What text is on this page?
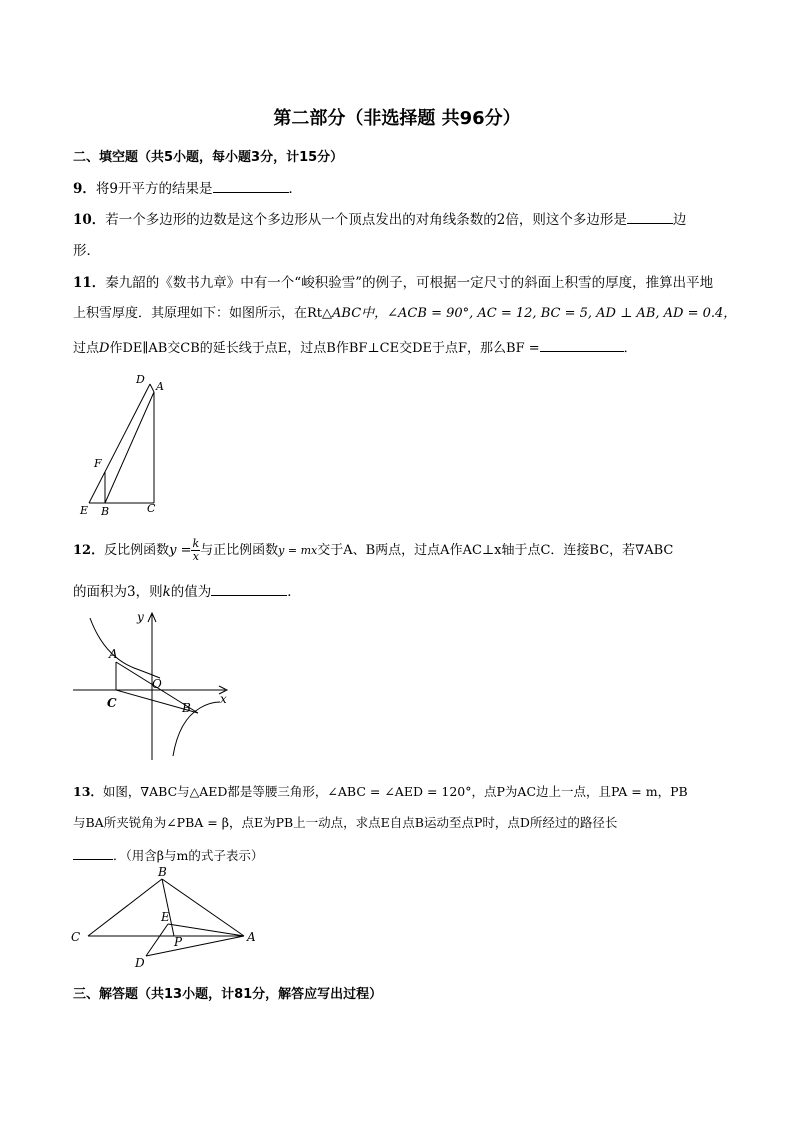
第二部分（非选择题 共96分）
二、填空题（共5小题，每小题3分，计15分）
9．将9开平方的结果是	．
10．若一个多边形的边数是这个多边形从一个顶点发出的对角线条数的2倍，则这个多边形是	边
形．
11．秦九韶的《数书九章》中有一个“峻积验雪”的例子，可根据一定尺寸的斜面上积雪的厚度，推算出平地
上积雪厚度．其原理如下：如图所示，在Rt△ABC中，∠ACB = 90°, AC = 12, BC = 5, AD ⊥ AB, AD = 0.4，
过点D作DE∥AB交CB的延长线于点E，过点B作BF⊥CE交DE于点F，那么BF =	．
D
A
F
E B	C
12．反比例函数$y = \frac{k}{x}$ 与正比例函数y = mx交于A、B两点，过点A作AC⊥x轴于点C．连接BC，若∇ABC
的面积为3，则k的值为	．
y
x
A
O
C	B
13．如图，∇ABC与△AED都是等腰三角形，∠ABC = ∠AED = 120°，点P为AC边上一点，且PA = m，PB
与BA所夹锐角为∠PBA = β，点E为PB上一动点，求点E自点B运动至点P时，点D所经过的路径长
．（用含β与m的式子表示）
B
E
C	P	A
D
三、解答题（共13小题，计81分，解答应写出过程）
